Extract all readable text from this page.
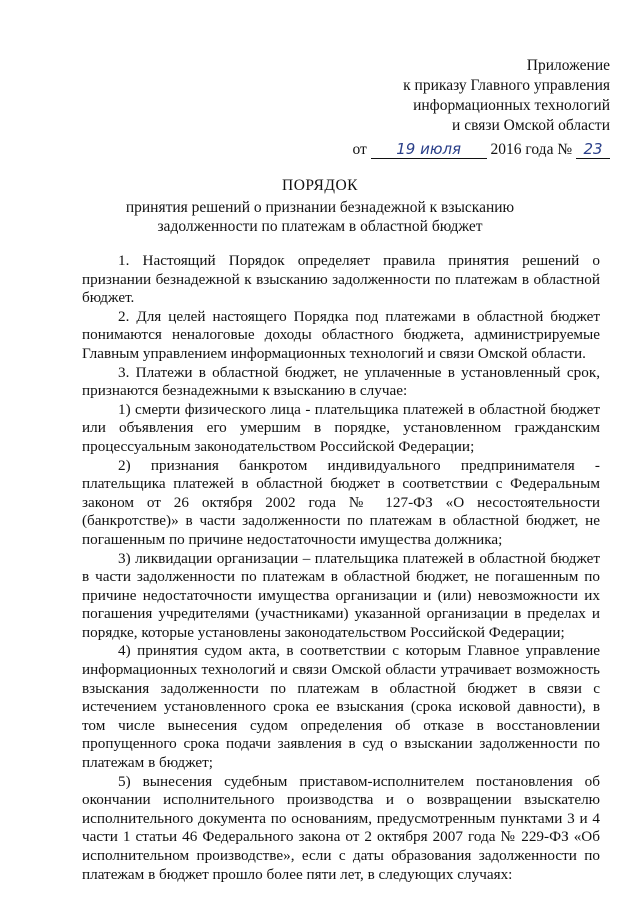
Приложение
к приказу Главного управления
информационных технологий
и связи Омской области
от 19 июля 2016 года № 23
ПОРЯДОК
принятия решений о признании безнадежной к взысканию
задолженности по платежам в областной бюджет

1. Настоящий Порядок определяет правила принятия решений о признании безнадежной к взысканию задолженности по платежам в областной бюджет.

2. Для целей настоящего Порядка под платежами в областной бюджет понимаются неналоговые доходы областного бюджета, администрируемые Главным управлением информационных технологий и связи Омской области.

3. Платежи в областной бюджет, не уплаченные в установленный срок, признаются безнадежными к взысканию в случае:

1) смерти физического лица - плательщика платежей в областной бюджет или объявления его умершим в порядке, установленном гражданским процессуальным законодательством Российской Федерации;

2) признания банкротом индивидуального предпринимателя - плательщика платежей в областной бюджет в соответствии с Федеральным законом от 26 октября 2002 года № 127-ФЗ «О несостоятельности (банкротстве)» в части задолженности по платежам в областной бюджет, не погашенным по причине недостаточности имущества должника;

3) ликвидации организации – плательщика платежей в областной бюджет в части задолженности по платежам в областной бюджет, не погашенным по причине недостаточности имущества организации и (или) невозможности их погашения учредителями (участниками) указанной организации в пределах и порядке, которые установлены законодательством Российской Федерации;

4) принятия судом акта, в соответствии с которым Главное управление информационных технологий и связи Омской области утрачивает возможность взыскания задолженности по платежам в областной бюджет в связи с истечением установленного срока ее взыскания (срока исковой давности), в том числе вынесения судом определения об отказе в восстановлении пропущенного срока подачи заявления в суд о взыскании задолженности по платежам в бюджет;

5) вынесения судебным приставом-исполнителем постановления об окончании исполнительного производства и о возвращении взыскателю исполнительного документа по основаниям, предусмотренным пунктами 3 и 4 части 1 статьи 46 Федерального закона от 2 октября 2007 года № 229-ФЗ «Об исполнительном производстве», если с даты образования задолженности по платежам в бюджет прошло более пяти лет, в следующих случаях:
